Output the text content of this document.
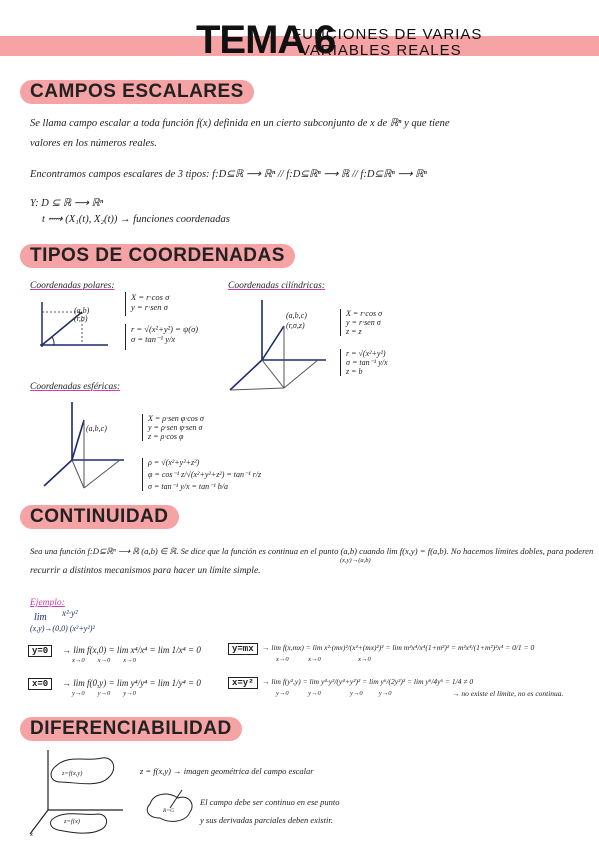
TEMA 6
FUNCIONES DE VARIAS
VARIABLES REALES
CAMPOS ESCALARES
Se llama campo escalar a toda función f(x) definida en un cierto subconjunto de x de ℝⁿ y que tiene
valores en los números reales.
Encontramos campos escalares de 3 tipos: f:D⊆ℝ ⟶ ℝⁿ // f:D⊆ℝⁿ ⟶ ℝ // f:D⊆ℝⁿ ⟶ ℝⁿ
Y: D ⊆ ℝ ⟶ ℝⁿ
t ⟿ (X₁(t), X₂(t)) → funciones coordenadas
TIPOS DE COORDENADAS
Coordenadas polares:
(a,b)
(r,σ)
X = r·cos σ
y = r·sen σ
r = √(x²+y²) = ψ(σ)
σ = tan⁻¹ y/x
Coordenadas cilíndricas:
(a,b,c)
(r,σ,z)
X = r·cos σ
y = r·sen σ
z = z
r = √(x²+y²)
σ = tan⁻¹ y/x
z = b
Coordenadas esféricas:
(a,b,c)
X = ρ·sen φ·cos σ
y = ρ·sen φ·sen σ
z = ρ·cos φ
ρ = √(x²+y²+z²)
φ = cos⁻¹ z/√(x²+y²+z²) = tan⁻¹ r/z
σ = tan⁻¹ y/x = tan⁻¹ b/a
CONTINUIDAD
Sea una función f:D⊆ℝⁿ ⟶ ℝ (a,b) ∈ ℝ. Se dice que la función es continua en el punto (a,b) cuando lim f(x,y) = f(a,b). No hacemos límites dobles, para poderen
(x,y)→(a,b)
recurrir a distintos mecanismos para hacer un límite simple.
Ejemplo:
lim x²·y²
(x,y)→(0,0) (x²+y²)²
y=0	→ lim f(x,0) = lim x⁴/x⁴ = lim 1/x⁴ = 0
x→0        x→0        x→0
x=0	→ lim f(0,y) = lim y⁴/y⁴ = lim 1/y⁴ = 0
y→0        y→0        y→0
y=mx	→ lim f(x,mx) = lim x²·(mx)²/(x²+(mx)²)² = lim m²x⁴/x⁴(1+m²)² = m²x⁴/(1+m²)²x⁴ = 0/1 = 0
x→0            x→0                       x→0
x=y²	→ lim f(y²,y) = lim y⁴·y²/(y⁴+y²)² = lim y⁶/(2y²)² = lim y⁶/4y⁶ = 1/4 ≠ 0
y→0            y→0                  y→0          y→0	→ no existe el límite, no es continua.
DIFERENCIABILIDAD
z=f(x,y)
z=f(x)
x
z = f(x,y) → imagen geométrica del campo escalar
R=G
El campo debe ser continuo en ese punto
y sus derivadas parciales deben existir.
